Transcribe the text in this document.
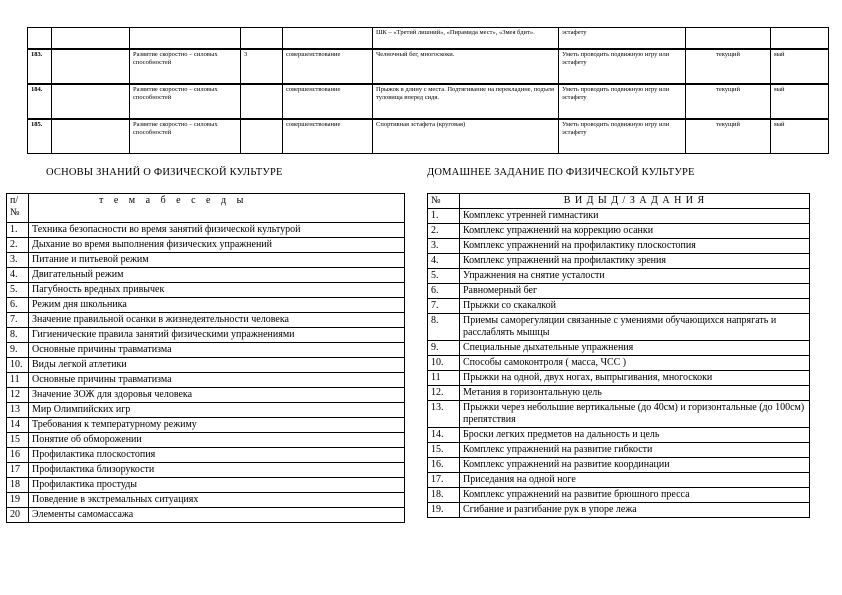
					ШК – «Третий лишний», «Пирамида мест», «Змея бдит».	эстафету		
183.		Развитие скоростно – силовых способностей	3	совершенствование	Челночный бег, многоскоки.	Уметь проводить подвижную игру или эстафету	текущий	май
184.		Развитие скоростно – силовых способностей		совершенствование	Прыжок в длину с места. Подтягивание на перекладине, подъем туловища вперед сидя.	Уметь проводить подвижную игру или эстафету	текущий	май
185.		Развитие скоростно – силовых способностей		совершенствование	Спортивная эстафета (круговая)	Уметь проводить подвижную игру или эстафету	текущий	май
ОСНОВЫ ЗНАНИЙ О ФИЗИЧЕСКОЙ КУЛЬТУРЕ	ДОМАШНЕЕ ЗАДАНИЕ ПО ФИЗИЧЕСКОЙ КУЛЬТУРЕ
п/№	т е м а б е с е д ы
1.	Техника безопасности во время занятий физической культурой
2.	Дыхание во время выполнения физических упражнений
3.	Питание и питьевой режим
4.	Двигательный режим
5.	Пагубность вредных привычек
6.	Режим дня школьника
7.	Значение правильной осанки в жизнедеятельности человека
8.	Гигиенические правила занятий физическими упражнениями
9.	Основные причины травматизма
10.	Виды легкой атлетики
11	Основные причины травматизма
12	Значение ЗОЖ для здоровья человека
13	Мир Олимпийских игр
14	Требования к температурному режиму
15	Понятие об обморожении
16	Профилактика плоскостопия
17	Профилактика близорукости
18	Профилактика простуды
19	Поведение в экстремальных ситуациях
20	Элементы самомассажа
№	В И Д Ы Д / З А Д А Н И Я
1.	Комплекс утренней гимнастики
2.	Комплекс упражнений на коррекцию осанки
3.	Комплекс упражнений на профилактику плоскостопия
4.	Комплекс упражнений на профилактику зрения
5.	Упражнения на снятие усталости
6.	Равномерный бег
7.	Прыжки со скакалкой
8.	Приемы саморегуляции связанные с умениями обучающихся напрягать и расслаблять мышцы
9.	Специальные дыхательные упражнения
10.	Способы самоконтроля ( масса, ЧСС )
11	Прыжки на одной, двух ногах, выпрыгивания, многоскоки
12.	Метания в горизонтальную цель
13.	Прыжки через небольшие вертикальные (до 40см) и горизонтальные (до 100см) препятствия
14.	Броски легких предметов на дальность и цель
15.	Комплекс упражнений на развитие гибкости
16.	Комплекс упражнений на развитие координации
17.	Приседания на одной ноге
18.	Комплекс упражнений на развитие брюшного пресса
19.	Сгибание и разгибание рук в упоре лежа
